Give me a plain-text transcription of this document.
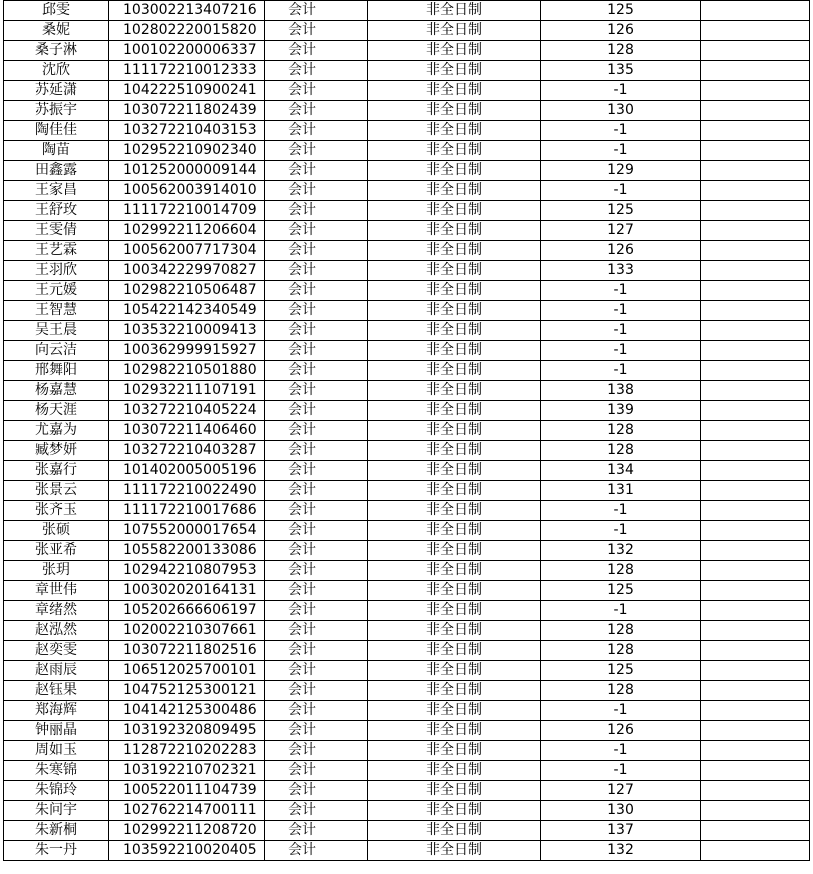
邱雯	103002213407216	会计	非全日制	125	
桑妮	102802220015820	会计	非全日制	126	
桑子淋	100102200006337	会计	非全日制	128	
沈欣	111172210012333	会计	非全日制	135	
苏延潇	104222510900241	会计	非全日制	-1	
苏振宇	103072211802439	会计	非全日制	130	
陶佳佳	103272210403153	会计	非全日制	-1	
陶苗	102952210902340	会计	非全日制	-1	
田鑫露	101252000009144	会计	非全日制	129	
王家昌	100562003914010	会计	非全日制	-1	
王舒玫	111172210014709	会计	非全日制	125	
王雯倩	102992211206604	会计	非全日制	127	
王艺霖	100562007717304	会计	非全日制	126	
王羽欣	100342229970827	会计	非全日制	133	
王元媛	102982210506487	会计	非全日制	-1	
王智慧	105422142340549	会计	非全日制	-1	
吴王晨	103532210009413	会计	非全日制	-1	
向云洁	100362999915927	会计	非全日制	-1	
邢舞阳	102982210501880	会计	非全日制	-1	
杨嘉慧	102932211107191	会计	非全日制	138	
杨天涯	103272210405224	会计	非全日制	139	
尤嘉为	103072211406460	会计	非全日制	128	
臧梦妍	103272210403287	会计	非全日制	128	
张嘉行	101402005005196	会计	非全日制	134	
张景云	111172210022490	会计	非全日制	131	
张齐玉	111172210017686	会计	非全日制	-1	
张硕	107552000017654	会计	非全日制	-1	
张亚希	105582200133086	会计	非全日制	132	
张玥	102942210807953	会计	非全日制	128	
章世伟	100302020164131	会计	非全日制	125	
章绪然	105202666606197	会计	非全日制	-1	
赵泓然	102002210307661	会计	非全日制	128	
赵奕雯	103072211802516	会计	非全日制	128	
赵雨辰	106512025700101	会计	非全日制	125	
赵钰果	104752125300121	会计	非全日制	128	
郑海辉	104142125300486	会计	非全日制	-1	
钟丽晶	103192320809495	会计	非全日制	126	
周如玉	112872210202283	会计	非全日制	-1	
朱寒锦	103192210702321	会计	非全日制	-1	
朱锦玲	100522011104739	会计	非全日制	127	
朱问宇	102762214700111	会计	非全日制	130	
朱新桐	102992211208720	会计	非全日制	137	
朱一丹	103592210020405	会计	非全日制	132	
